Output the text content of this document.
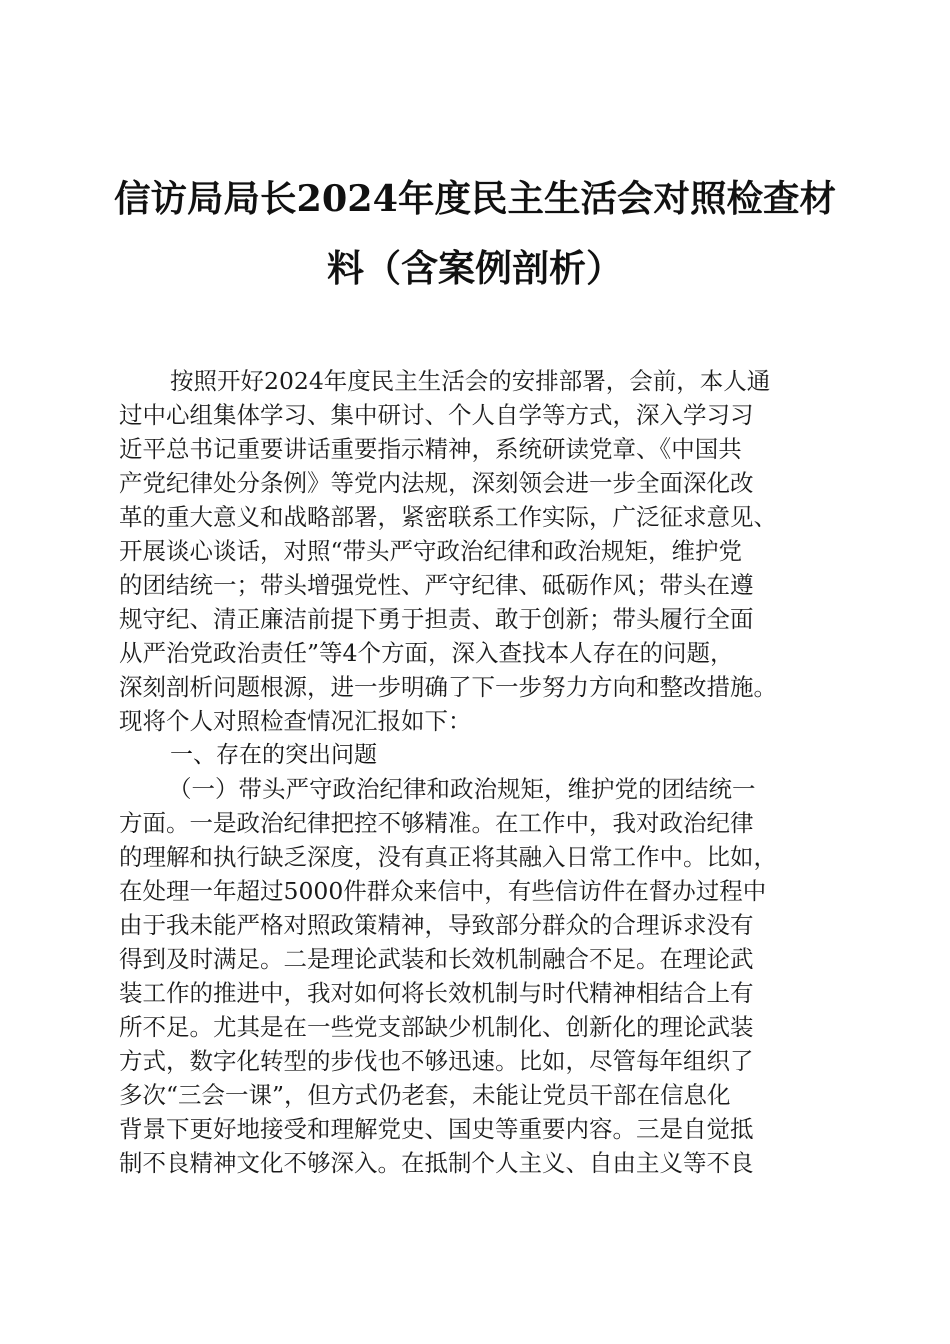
信访局局长2024年度民主生活会对照检查材
料（含案例剖析）

按照开好2024年度民主生活会的安排部署，会前，本人通

过中心组集体学习、集中研讨、个人自学等方式，深入学习习

近平总书记重要讲话重要指示精神，系统研读党章、《中国共

产党纪律处分条例》等党内法规，深刻领会进一步全面深化改

革的重大意义和战略部署，紧密联系工作实际，广泛征求意见、

开展谈心谈话，对照“带头严守政治纪律和政治规矩，维护党

的团结统一；带头增强党性、严守纪律、砥砺作风；带头在遵

规守纪、清正廉洁前提下勇于担责、敢于创新；带头履行全面

从严治党政治责任”等4个方面，深入查找本人存在的问题，

深刻剖析问题根源，进一步明确了下一步努力方向和整改措施。

现将个人对照检查情况汇报如下：

一、存在的突出问题

（一）带头严守政治纪律和政治规矩，维护党的团结统一

方面。一是政治纪律把控不够精准。在工作中，我对政治纪律

的理解和执行缺乏深度，没有真正将其融入日常工作中。比如，

在处理一年超过5000件群众来信中，有些信访件在督办过程中

由于我未能严格对照政策精神，导致部分群众的合理诉求没有

得到及时满足。二是理论武装和长效机制融合不足。在理论武

装工作的推进中，我对如何将长效机制与时代精神相结合上有

所不足。尤其是在一些党支部缺少机制化、创新化的理论武装

方式，数字化转型的步伐也不够迅速。比如，尽管每年组织了

多次“三会一课”，但方式仍老套，未能让党员干部在信息化

背景下更好地接受和理解党史、国史等重要内容。三是自觉抵

制不良精神文化不够深入。在抵制个人主义、自由主义等不良
